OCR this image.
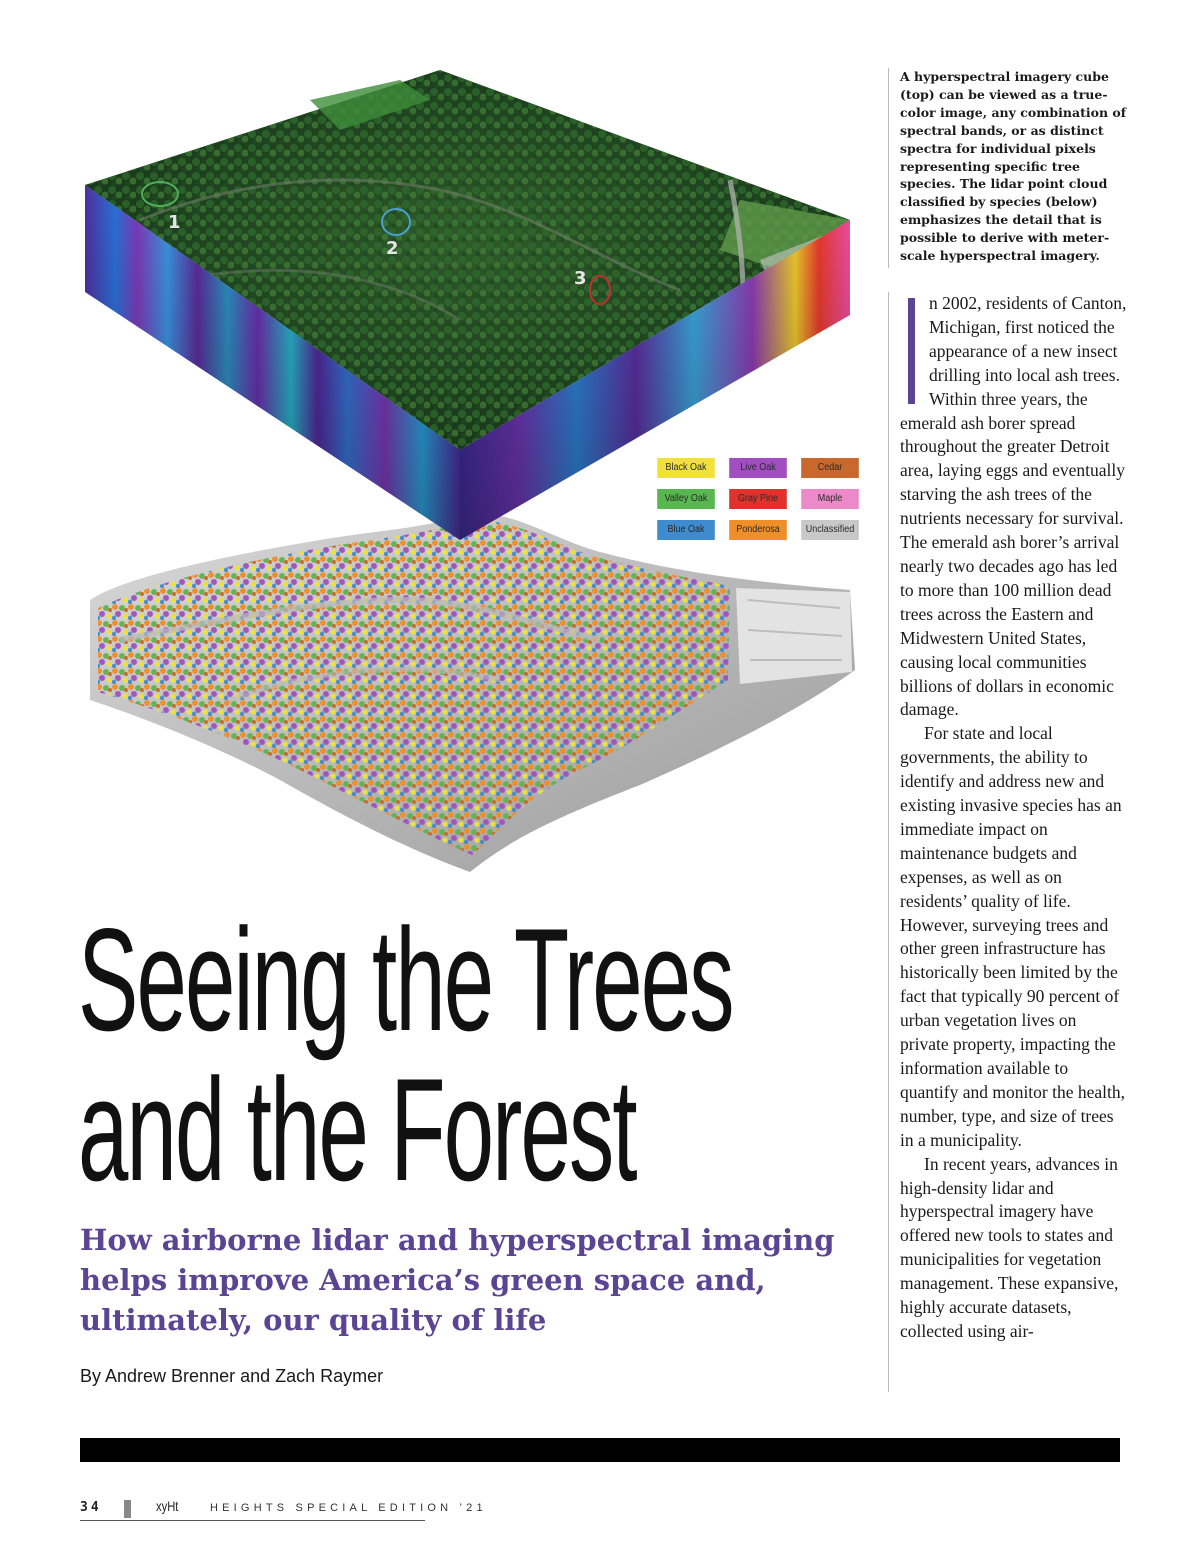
1
2
3
Black Oak	Live Oak	Cedar
Valley Oak	Gray Pine	Maple
Blue Oak	Ponderosa	Unclassified
A hyperspectral imagery cube (top) can be viewed as a true-color image, any combination of spectral bands, or as distinct spectra for individual pixels representing specific tree species. The lidar point cloud classified by species (below) emphasizes the detail that is possible to derive with meter-scale hyperspectral imagery.

n 2002, residents of Canton, Michigan, first noticed the appearance of a new insect drilling into local ash trees. Within three years, the emerald ash borer spread throughout the greater Detroit area, laying eggs and eventually starving the ash trees of the nutrients necessary for survival. The emerald ash borer’s arrival nearly two decades ago has led to more than 100 million dead trees across the Eastern and Midwestern United States, causing local communities billions of dollars in economic damage.

For state and local governments, the ability to identify and address new and existing invasive species has an immediate impact on maintenance budgets and expenses, as well as on residents’ quality of life. However, surveying trees and other green infrastructure has historically been limited by the fact that typically 90 percent of urban vegetation lives on private property, impacting the information available to quantify and monitor the health, number, type, and size of trees in a municipality.

In recent years, advances in high-density lidar and hyperspectral imagery have offered new tools to states and municipalities for vegetation management. These expansive, highly accurate datasets, collected using air-

Seeing the Trees
and the Forest
How airborne lidar and hyperspectral imaging helps improve America’s green space and, ultimately, our quality of life
By Andrew Brenner and Zach Raymer
34	xyHt	HEIGHTS SPECIAL EDITION ’21
